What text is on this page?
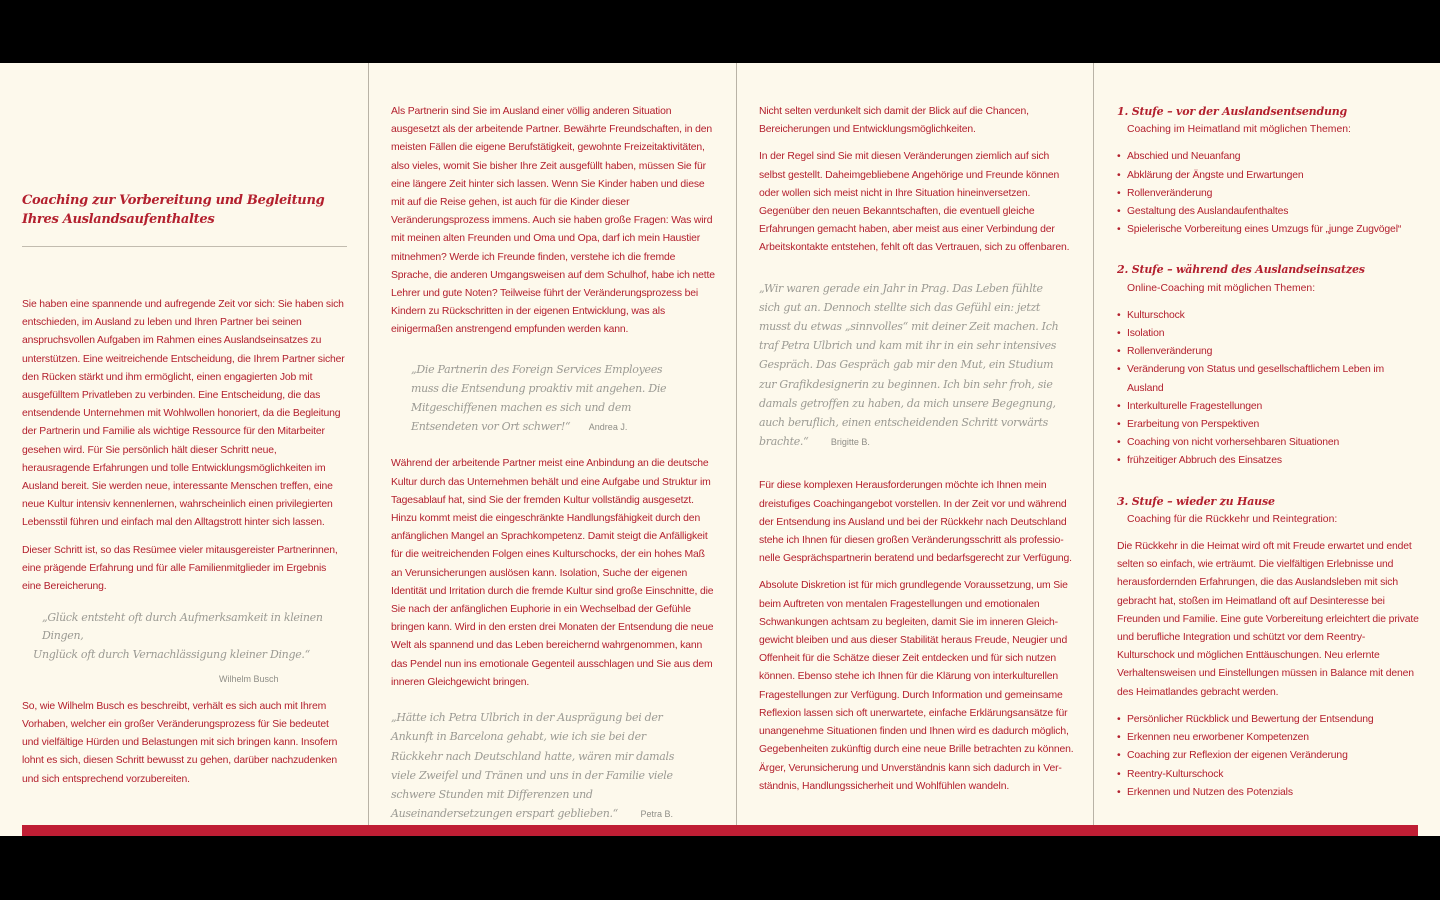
Coaching zur Vorbereitung und Begleitung
Ihres Auslandsaufenthaltes

Sie haben eine spannende und aufregende Zeit vor sich: Sie haben sich entschieden, im Ausland zu leben und Ihren Partner bei seinen anspruchsvollen Aufgaben im Rahmen eines Auslandseinsatzes zu unterstützen. Eine weitreichende Entscheidung, die Ihrem Partner sicher den Rücken stärkt und ihm ermöglicht, einen engagierten Job mit ausgefülltem Privatleben zu verbinden. Eine Entscheidung, die das entsendende Unternehmen mit Wohlwollen honoriert, da die Begleitung der Partnerin und Familie als wichtige Ressource für den Mitarbeiter gesehen wird. Für Sie persönlich hält dieser Schritt neue, herausragende Erfahrungen und tolle Entwicklungsmöglichkeiten im Ausland bereit. Sie werden neue, interessante Menschen treffen, eine neue Kultur intensiv kennenlernen, wahrscheinlich einen privilegierten Lebensstil führen und einfach mal den Alltagstrott hinter sich lassen.

Dieser Schritt ist, so das Resümee vieler mitausgereister Partnerinnen, eine prägende Erfahrung und für alle Familienmitglieder im Ergebnis eine Bereicherung.

„Glück entsteht oft durch Aufmerksamkeit in kleinen Dingen,
Unglück oft durch Vernachlässigung kleiner Dinge.“
Wilhelm Busch

So, wie Wilhelm Busch es beschreibt, verhält es sich auch mit Ihrem Vorhaben, welcher ein großer Veränderungsprozess für Sie bedeutet und vielfältige Hürden und Belastungen mit sich bringen kann. Insofern lohnt es sich, diesen Schritt bewusst zu gehen, darüber nachzudenken und sich entsprechend vorzubereiten.

Als Partnerin sind Sie im Ausland einer völlig anderen Situation ausgesetzt als der arbeitende Partner. Bewährte Freundschaften, in den meisten Fällen die eigene Berufstätigkeit, gewohnte Freizeitaktivitäten, also vieles, womit Sie bisher Ihre Zeit ausgefüllt haben, müssen Sie für eine längere Zeit hinter sich lassen. Wenn Sie Kinder haben und diese mit auf die Reise gehen, ist auch für die Kinder dieser Veränderungsprozess immens. Auch sie haben große Fragen: Was wird mit meinen alten Freunden und Oma und Opa, darf ich mein Haustier mitnehmen? Werde ich Freunde finden, verstehe ich die fremde Sprache, die anderen Umgangsweisen auf dem Schulhof, habe ich nette Lehrer und gute Noten? Teilweise führt der Veränderungsprozess bei Kindern zu Rückschritten in der eigenen Entwicklung, was als einigermaßen anstrengend empfunden werden kann.

„Die Partnerin des Foreign Services Employees muss die Entsendung proaktiv mit angehen. Die Mitgeschiffenen machen es sich und dem Entsendeten vor Ort schwer!“ Andrea J.

Während der arbeitende Partner meist eine Anbindung an die deutsche Kultur durch das Unternehmen behält und eine Aufgabe und Struktur im Tagesablauf hat, sind Sie der fremden Kultur vollständig ausgesetzt. Hinzu kommt meist die eingeschränkte Handlungsfähigkeit durch den anfänglichen Mangel an Sprachkompetenz. Damit steigt die Anfälligkeit für die weitreichenden Folgen eines Kulturschocks, der ein hohes Maß an Verunsicherungen auslösen kann. Isolation, Suche der eigenen Identität und Irritation durch die fremde Kultur sind große Einschnitte, die Sie nach der anfänglichen Euphorie in ein Wechselbad der Gefühle bringen kann. Wird in den ersten drei Monaten der Entsendung die neue Welt als spannend und das Leben bereichernd wahrgenommen, kann das Pendel nun ins emotionale Gegenteil ausschlagen und Sie aus dem inneren Gleichgewicht bringen.

„Hätte ich Petra Ulbrich in der Ausprägung bei der Ankunft in Barcelona gehabt, wie ich sie bei der Rückkehr nach Deutschland hatte, wären mir damals viele Zweifel und Tränen und uns in der Familie viele schwere Stunden mit Differenzen und Auseinandersetzungen erspart geblieben.“ Petra B.

Nicht selten verdunkelt sich damit der Blick auf die Chancen, Bereicherungen und Entwicklungsmöglichkeiten.

In der Regel sind Sie mit diesen Veränderungen ziemlich auf sich selbst gestellt. Daheimgebliebene Angehörige und Freunde können oder wollen sich meist nicht in Ihre Situation hineinversetzen. Gegenüber den neuen Bekanntschaften, die eventuell gleiche Erfahrungen gemacht haben, aber meist aus einer Verbindung der Arbeitskontakte entstehen, fehlt oft das Vertrauen, sich zu offenbaren.

„Wir waren gerade ein Jahr in Prag. Das Leben fühlte sich gut an. Dennoch stellte sich das Gefühl ein: jetzt musst du etwas „sinnvolles“ mit deiner Zeit machen. Ich traf Petra Ulbrich und kam mit ihr in ein sehr intensives Gespräch. Das Gespräch gab mir den Mut, ein Studium zur Grafikdesignerin zu beginnen. Ich bin sehr froh, sie damals getroffen zu haben, da mich unsere Begegnung, auch beruflich, einen entscheidenden Schritt vorwärts brachte.“ Brigitte B.

Für diese komplexen Herausforderungen möchte ich Ihnen mein dreistufiges Coachingangebot vorstellen. In der Zeit vor und während der Entsendung ins Ausland und bei der Rückkehr nach Deutschland stehe ich Ihnen für diesen großen Veränderungsschritt als professionelle Gesprächspartnerin beratend und bedarfsgerecht zur Verfügung.

Absolute Diskretion ist für mich grundlegende Voraussetzung, um Sie beim Auftreten von mentalen Fragestellungen und emotionalen Schwankungen achtsam zu begleiten, damit Sie im inneren Gleichgewicht bleiben und aus dieser Stabilität heraus Freude, Neugier und Offenheit für die Schätze dieser Zeit entdecken und für sich nutzen können. Ebenso stehe ich Ihnen für die Klärung von interkulturellen Fragestellungen zur Verfügung. Durch Information und gemeinsame Reflexion lassen sich oft unerwartete, einfache Erklärungsansätze für unangenehme Situationen finden und Ihnen wird es dadurch möglich, Gegebenheiten zukünftig durch eine neue Brille betrachten zu können. Ärger, Verunsicherung und Unverständnis kann sich dadurch in Verständnis, Handlungssicherheit und Wohlfühlen wandeln.

1. Stufe – vor der Auslandsentsendung
Coaching im Heimatland mit möglichen Themen:
• Abschied und Neuanfang
• Abklärung der Ängste und Erwartungen
• Rollenveränderung
• Gestaltung des Auslandaufenthaltes
• Spielerische Vorbereitung eines Umzugs für „junge Zugvögel“
2. Stufe – während des Auslandseinsatzes
Online-Coaching mit möglichen Themen:
• Kulturschock
• Isolation
• Rollenveränderung
• Veränderung von Status und gesellschaftlichem Leben im Ausland
• Interkulturelle Fragestellungen
• Erarbeitung von Perspektiven
• Coaching von nicht vorhersehbaren Situationen
• frühzeitiger Abbruch des Einsatzes
3. Stufe – wieder zu Hause
Coaching für die Rückkehr und Reintegration:

Die Rückkehr in die Heimat wird oft mit Freude erwartet und endet selten so einfach, wie erträumt. Die vielfältigen Erlebnisse und herausfordernden Erfahrungen, die das Auslandsleben mit sich gebracht hat, stoßen im Heimatland oft auf Desinteresse bei Freunden und Familie. Eine gute Vorbereitung erleichtert die private und berufliche Integration und schützt vor dem Reentry-Kulturschock und möglichen Enttäuschungen. Neu erlernte Verhaltensweisen und Einstellungen müssen in Balance mit denen des Heimatlandes gebracht werden.

• Persönlicher Rückblick und Bewertung der Entsendung
• Erkennen neu erworbener Kompetenzen
• Coaching zur Reflexion der eigenen Veränderung
• Reentry-Kulturschock
• Erkennen und Nutzen des Potenzials
